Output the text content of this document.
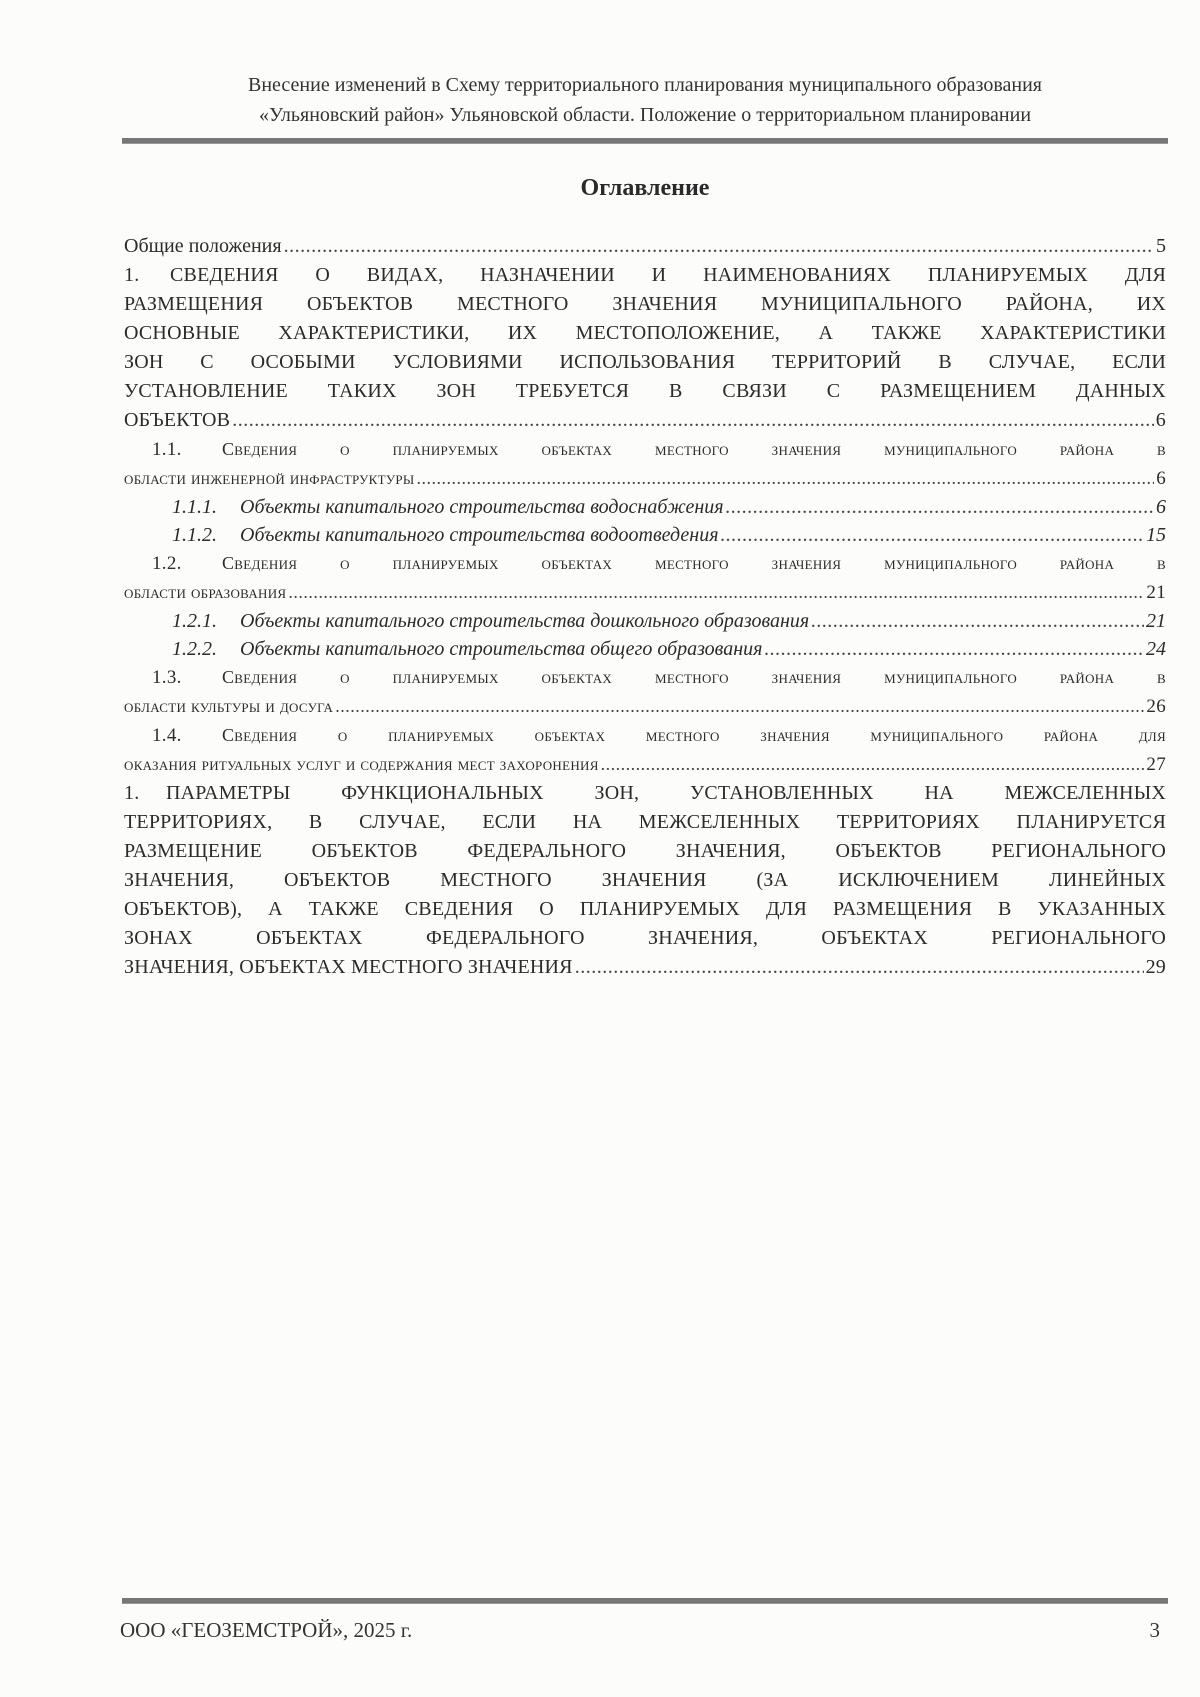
Внесение изменений в Схему территориального планирования муниципального образования
«Ульяновский район» Ульяновской области. Положение о территориальном планировании
Оглавление
Общие положения .....	5
1. СВЕДЕНИЯ О ВИДАХ, НАЗНАЧЕНИИ И НАИМЕНОВАНИЯХ ПЛАНИРУЕМЫХ ДЛЯ
РАЗМЕЩЕНИЯ ОБЪЕКТОВ МЕСТНОГО ЗНАЧЕНИЯ МУНИЦИПАЛЬНОГО РАЙОНА, ИХ
ОСНОВНЫЕ ХАРАКТЕРИСТИКИ, ИХ МЕСТОПОЛОЖЕНИЕ, А ТАКЖЕ ХАРАКТЕРИСТИКИ
ЗОН С ОСОБЫМИ УСЛОВИЯМИ ИСПОЛЬЗОВАНИЯ ТЕРРИТОРИЙ В СЛУЧАЕ, ЕСЛИ
УСТАНОВЛЕНИЕ ТАКИХ ЗОН ТРЕБУЕТСЯ В СВЯЗИ С РАЗМЕЩЕНИЕМ ДАННЫХ
ОБЪЕКТОВ .....	6
1.1. Сведения о планируемых объектах местного значения муниципального района в
области инженерной инфраструктуры .....	6
1.1.1. Объекты капитального строительства водоснабжения .....	6
1.1.2. Объекты капитального строительства водоотведения .....	15
1.2. Сведения о планируемых объектах местного значения муниципального района в
области образования .....	21
1.2.1. Объекты капитального строительства дошкольного образования .....	21
1.2.2. Объекты капитального строительства общего образования .....	24
1.3. Сведения о планируемых объектах местного значения муниципального района в
области культуры и досуга .....	26
1.4. Сведения о планируемых объектах местного значения муниципального района для
оказания ритуальных услуг и содержания мест захоронения .....	27
1. ПАРАМЕТРЫ ФУНКЦИОНАЛЬНЫХ ЗОН, УСТАНОВЛЕННЫХ НА МЕЖСЕЛЕННЫХ
ТЕРРИТОРИЯХ, В СЛУЧАЕ, ЕСЛИ НА МЕЖСЕЛЕННЫХ ТЕРРИТОРИЯХ ПЛАНИРУЕТСЯ
РАЗМЕЩЕНИЕ ОБЪЕКТОВ ФЕДЕРАЛЬНОГО ЗНАЧЕНИЯ, ОБЪЕКТОВ РЕГИОНАЛЬНОГО
ЗНАЧЕНИЯ, ОБЪЕКТОВ МЕСТНОГО ЗНАЧЕНИЯ (ЗА ИСКЛЮЧЕНИЕМ ЛИНЕЙНЫХ
ОБЪЕКТОВ), А ТАКЖЕ СВЕДЕНИЯ О ПЛАНИРУЕМЫХ ДЛЯ РАЗМЕЩЕНИЯ В УКАЗАННЫХ
ЗОНАХ ОБЪЕКТАХ ФЕДЕРАЛЬНОГО ЗНАЧЕНИЯ, ОБЪЕКТАХ РЕГИОНАЛЬНОГО
ЗНАЧЕНИЯ, ОБЪЕКТАХ МЕСТНОГО ЗНАЧЕНИЯ .....	29
ООО «ГЕОЗЕМСТРОЙ», 2025 г.	3
